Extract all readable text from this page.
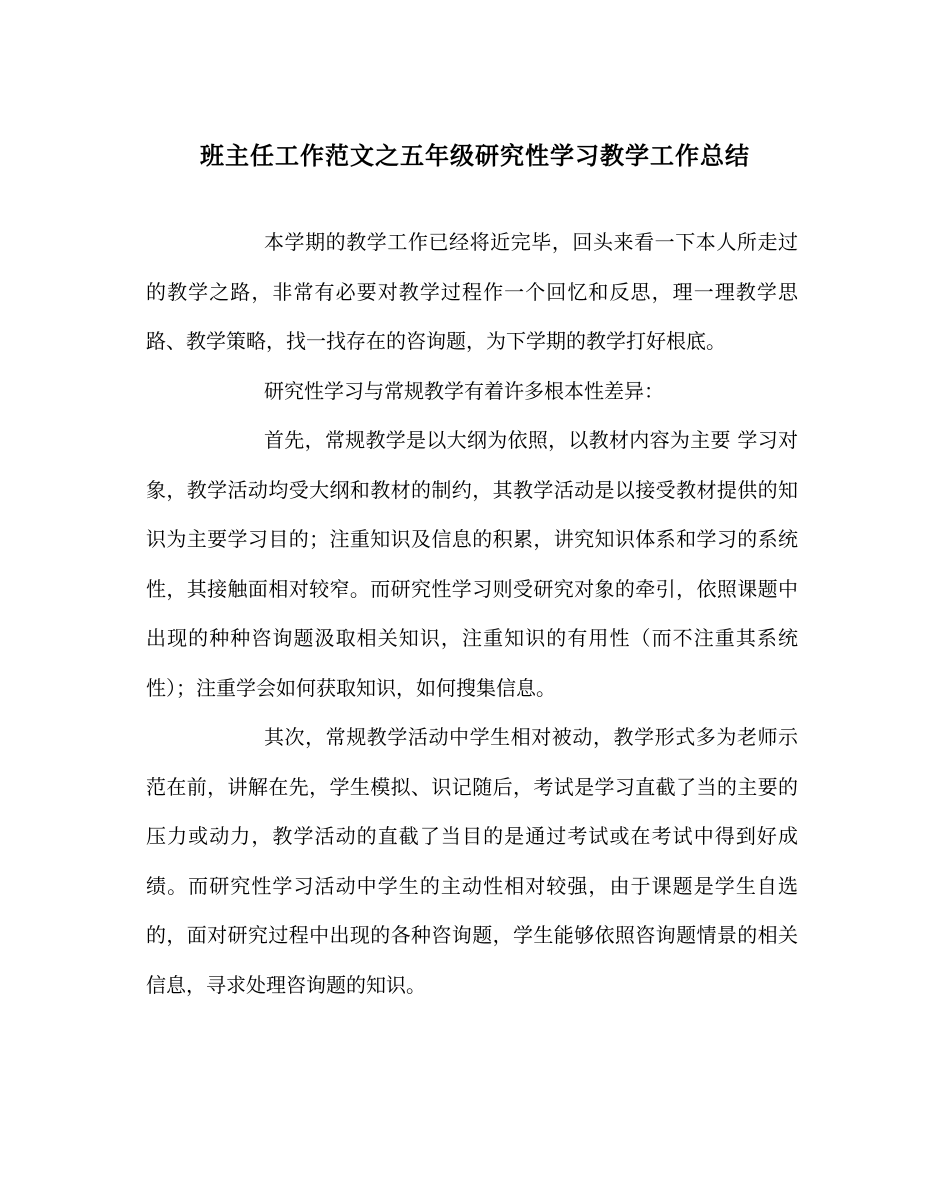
班主任工作范文之五年级研究性学习教学工作总结

本学期的教学工作已经将近完毕，回头来看一下本人所走过的教学之路，非常有必要对教学过程作一个回忆和反思，理一理教学思路、教学策略，找一找存在的咨询题，为下学期的教学打好根底。

研究性学习与常规教学有着许多根本性差异：

首先，常规教学是以大纲为依照，以教材内容为主要 学习对象，教学活动均受大纲和教材的制约，其教学活动是以接受教材提供的知识为主要学习目的；注重知识及信息的积累，讲究知识体系和学习的系统性，其接触面相对较窄。而研究性学习则受研究对象的牵引，依照课题中出现的种种咨询题汲取相关知识，注重知识的有用性（而不注重其系统性）；注重学会如何获取知识，如何搜集信息。

其次，常规教学活动中学生相对被动，教学形式多为老师示范在前，讲解在先，学生模拟、识记随后，考试是学习直截了当的主要的压力或动力，教学活动的直截了当目的是通过考试或在考试中得到好成绩。而研究性学习活动中学生的主动性相对较强，由于课题是学生自选的，面对研究过程中出现的各种咨询题，学生能够依照咨询题情景的相关信息，寻求处理咨询题的知识。
